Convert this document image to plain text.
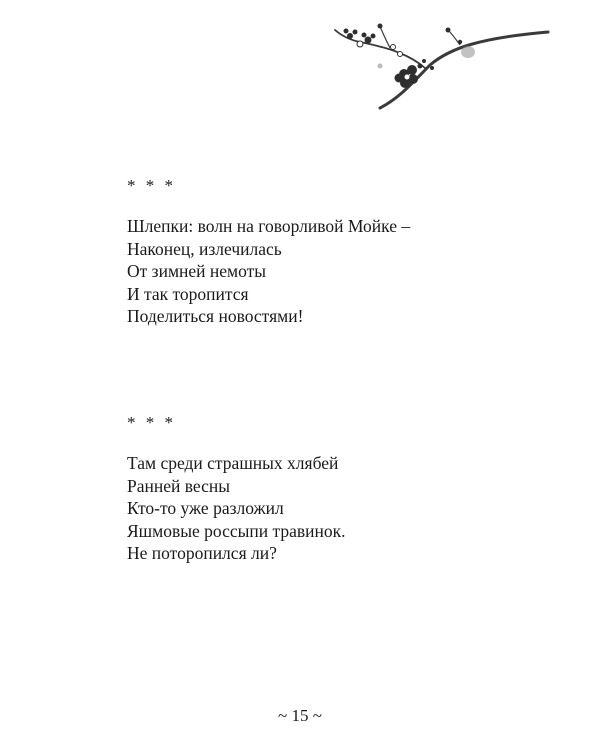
* * *
Шлепки: волн на говорливой Мойке –
Наконец, излечилась
От зимней немоты
И так торопится
Поделиться новостями!
* * *
Там среди страшных хлябей
Ранней весны
Кто-то уже разложил
Яшмовые россыпи травинок.
Не поторопился ли?
~ 15 ~
